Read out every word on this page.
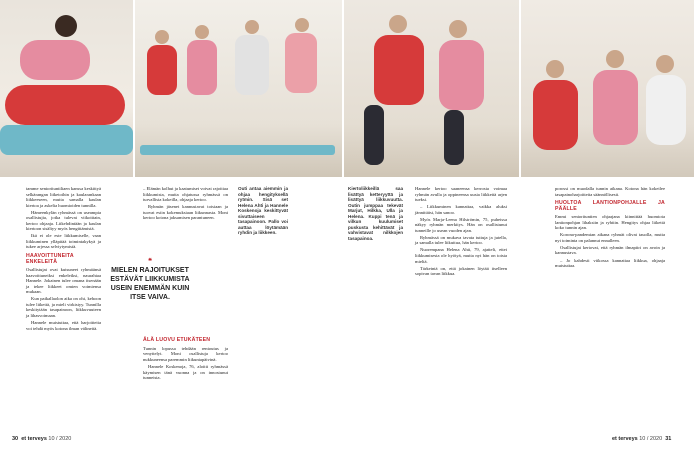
tamme seniorituntiliaen kanssa keskittyä selkärangan liiketoihin ja kaularankaan liikkeeseen, mutta samalla kaulan kiertoa ja askelia huomioiden tunnilla.

Hämeenkylän ryhmässä on useampia osallistujia, jotka tulevat viikoittain, kertoo ohjaaja. Liikehdintään ja kaulan kiertoon sisältyy myös hengittämistä.

Ikä ei ole este liikkumiselle, vaan liikkuminen ylläpitää toimintakykyä ja tukee arjessa selviytymistä.

HAAVOITTUNEITA ENKELEITÄ

Osallistujat ovat kutsuneet ryhmäänsä haavoittuneiksi enkeleiksi, naurahtaa Hannele. Jokainen tulee omana itsenään ja tekee liikkeet omien voimiensa mukaan.

Kun paikallaolon aika on ohi, kehoon tulee liikettä, ja mieli virkistyy. Tunnilla keskitytään tasapainoon, liikkuvuuteen ja lihasvoimaan.

Hannele muistuttaa, että harjoitteita voi tehdä myös kotona ilman välineitä.

❝
MIELEN RAJOITUKSET ESTÄVÄT LIIKKUMISTA USEIN ENEMMÄN KUIN ITSE VAIVA.

– Elämän kolhut ja kaatumiset voivat rajoittaa liikkumista, mutta ohjatussa ryhmässä on turvallista kokeilla, ohjaaja kertoo.

Ryhmän jäsenet kannustavat toisiaan ja tuovat esiin kokemuksiaan liikunnasta. Moni kertoo kotona jaksamisen parantuneen.

ÄLÄ LUOVU ETUKÄTEEN

Tunnin lopussa tehdään rentoutus ja venyttelyt. Moni osallistuja kertoo nukkuneensa paremmin liikuntapäivinä.

Hannele Koskenoja, 76, aloitti ryhmässä käymisen tänä vuonna ja on innostunut tunneista.

Outi antaa aiemmin ja ohjaa hengityksellä rytmin. Sisä set Helena Ahti ja Hannele Koskenoja keskittyvät sivuttaiseen tasapainoon. Pallo voi auttaa löytämään ryhdin ja liikkeen.

Kiertoliikkeillä saa lisättyä ketteryyttä ja lisättyä liikkuvuutta. Outin jumppaa tekevät Marjut, Hilkka, Ulla ja Helena. Kuppi tenä ja vilkun kuulumiset puskusta kehittävät ja vahvistavat nilkkojen tasapainoa.

Hannele kertoo saaneensa kerrosta voimaa ryhmän avulla ja oppineensa uusia liikkeitä arjen tueksi.

– Liikkuminen kannattaa, vaikka aluksi jännittäisi, hän sanoo.

Myös Marja-Leena Hilströmin, 75, puheissa näkyy ryhmän merkitys. Hän on osallistunut tunneille jo usean vuoden ajan.

Ryhmässä on mukava tavata tuttuja ja jutella, ja samalla tulee liikuttua, hän kertoo.

Nuorempana Helena Ahti, 79, ajatteli, ettei liikkumisesta ole hyötyä, mutta nyt hän on toista mieltä.

Tärkeintä on, että jokainen löytää itselleen sopivan tavan liikkua.

porossi on muodalla tunnin aikana. Kotona hän kokeilee tasapainoharjoitteita säännöllisesti.

HUOLTOA LANTIONPOHJALLE JA PÄÄLLE

Emmi seniorituntien ohjaajana kiinnittää huomiota lantionpohjan lihaksiin ja ryhtiin. Hengitys ohjaa liikettä koko tunnin ajan.

Korona-pandemian aikana ryhmät olivat tauolla, mutta nyt toiminta on palannut ennalleen.

Osallistujat kertovat, että ryhmän ilmapiiri on avoin ja kannustava.

– Jo kahdesti viikossa kannattaa liikkua, ohjaaja muistuttaa.

30 et terveys 10 / 2020	et terveys 10 / 2020 31
